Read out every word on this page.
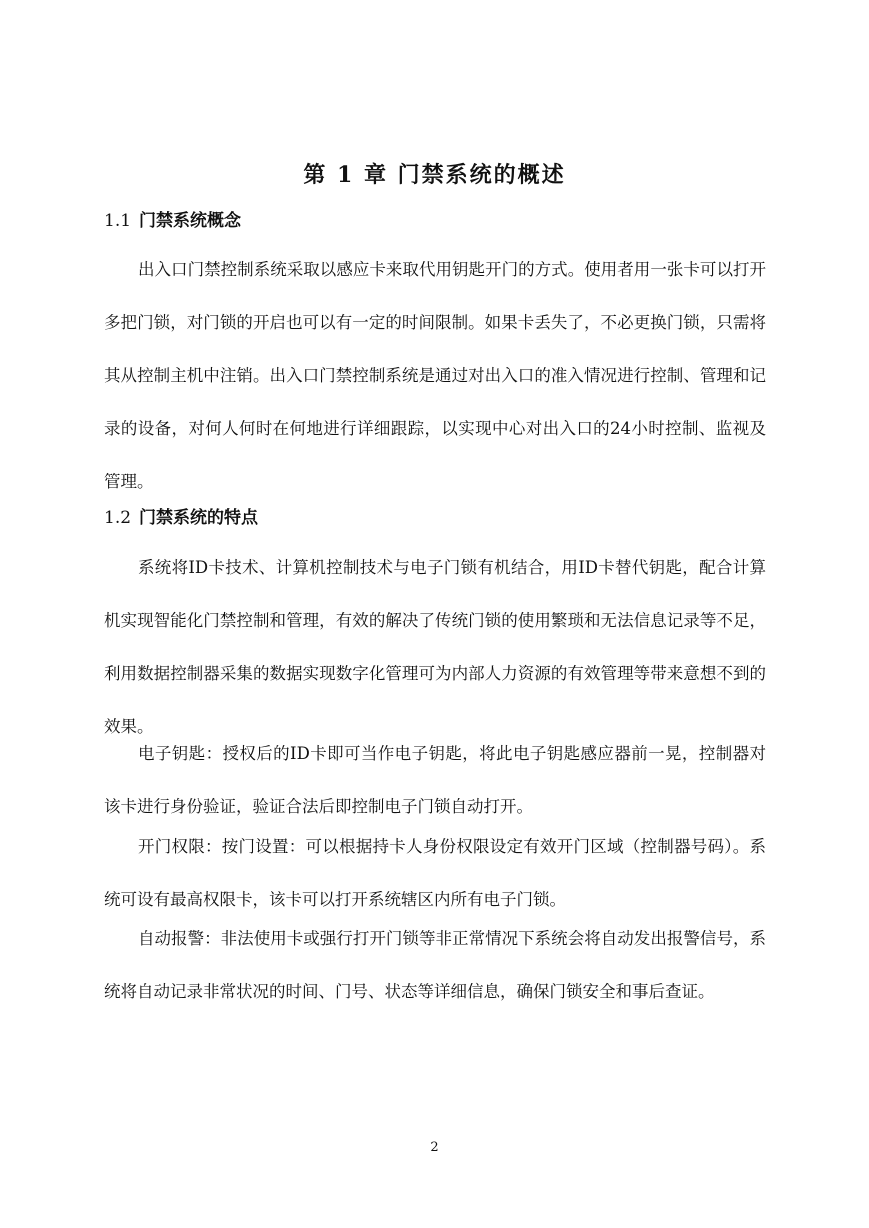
第 1 章 门禁系统的概述
1.1 门禁系统概念

出入口门禁控制系统采取以感应卡来取代用钥匙开门的方式。使用者用一张卡可以打开多把门锁，对门锁的开启也可以有一定的时间限制。如果卡丢失了，不必更换门锁，只需将其从控制主机中注销。出入口门禁控制系统是通过对出入口的准入情况进行控制、管理和记录的设备，对何人何时在何地进行详细跟踪，以实现中心对出入口的24小时控制、监视及管理。

1.2 门禁系统的特点

系统将ID卡技术、计算机控制技术与电子门锁有机结合，用ID卡替代钥匙，配合计算机实现智能化门禁控制和管理，有效的解决了传统门锁的使用繁琐和无法信息记录等不足，利用数据控制器采集的数据实现数字化管理可为内部人力资源的有效管理等带来意想不到的效果。

电子钥匙：授权后的ID卡即可当作电子钥匙，将此电子钥匙感应器前一晃，控制器对该卡进行身份验证，验证合法后即控制电子门锁自动打开。

开门权限：按门设置：可以根据持卡人身份权限设定有效开门区域（控制器号码）。系统可设有最高权限卡，该卡可以打开系统辖区内所有电子门锁。

自动报警：非法使用卡或强行打开门锁等非正常情况下系统会将自动发出报警信号，系统将自动记录非常状况的时间、门号、状态等详细信息，确保门锁安全和事后查证。

2
